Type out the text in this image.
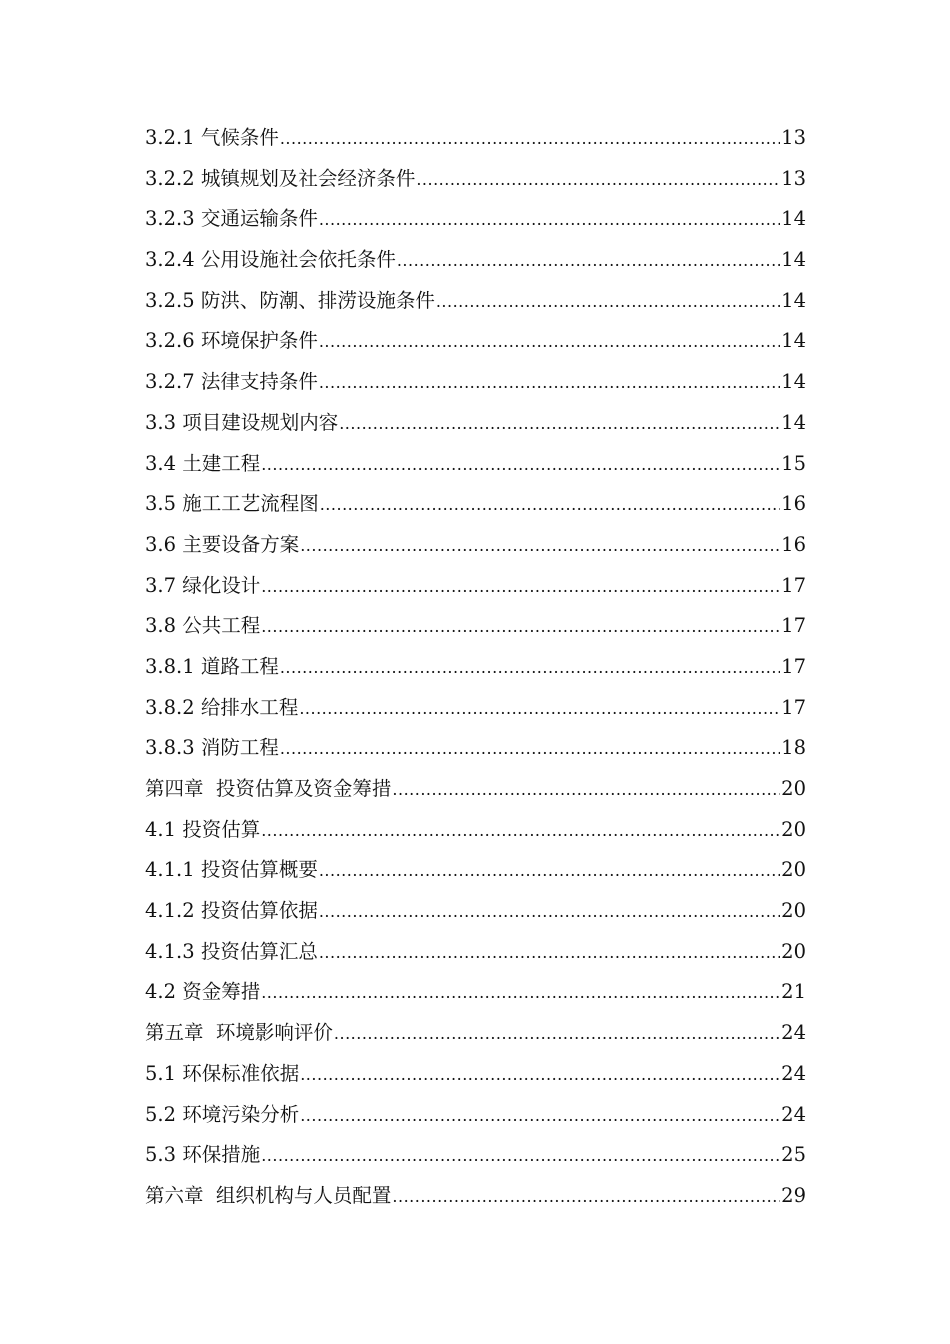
3.2.1 气候条件 .....	13
3.2.2 城镇规划及社会经济条件 .....	13
3.2.3 交通运输条件 .....	14
3.2.4 公用设施社会依托条件 .....	14
3.2.5 防洪、防潮、排涝设施条件 .....	14
3.2.6 环境保护条件 .....	14
3.2.7 法律支持条件 .....	14
3.3 项目建设规划内容 .....	14
3.4 土建工程 .....	15
3.5 施工工艺流程图 .....	16
3.6 主要设备方案 .....	16
3.7 绿化设计 .....	17
3.8 公共工程 .....	17
3.8.1 道路工程 .....	17
3.8.2 给排水工程 .....	17
3.8.3 消防工程 .....	18
第四章  投资估算及资金筹措 .....	20
4.1 投资估算 .....	20
4.1.1 投资估算概要 .....	20
4.1.2 投资估算依据 .....	20
4.1.3 投资估算汇总 .....	20
4.2 资金筹措 .....	21
第五章  环境影响评价 .....	24
5.1 环保标准依据 .....	24
5.2 环境污染分析 .....	24
5.3 环保措施 .....	25
第六章  组织机构与人员配置 .....	29
